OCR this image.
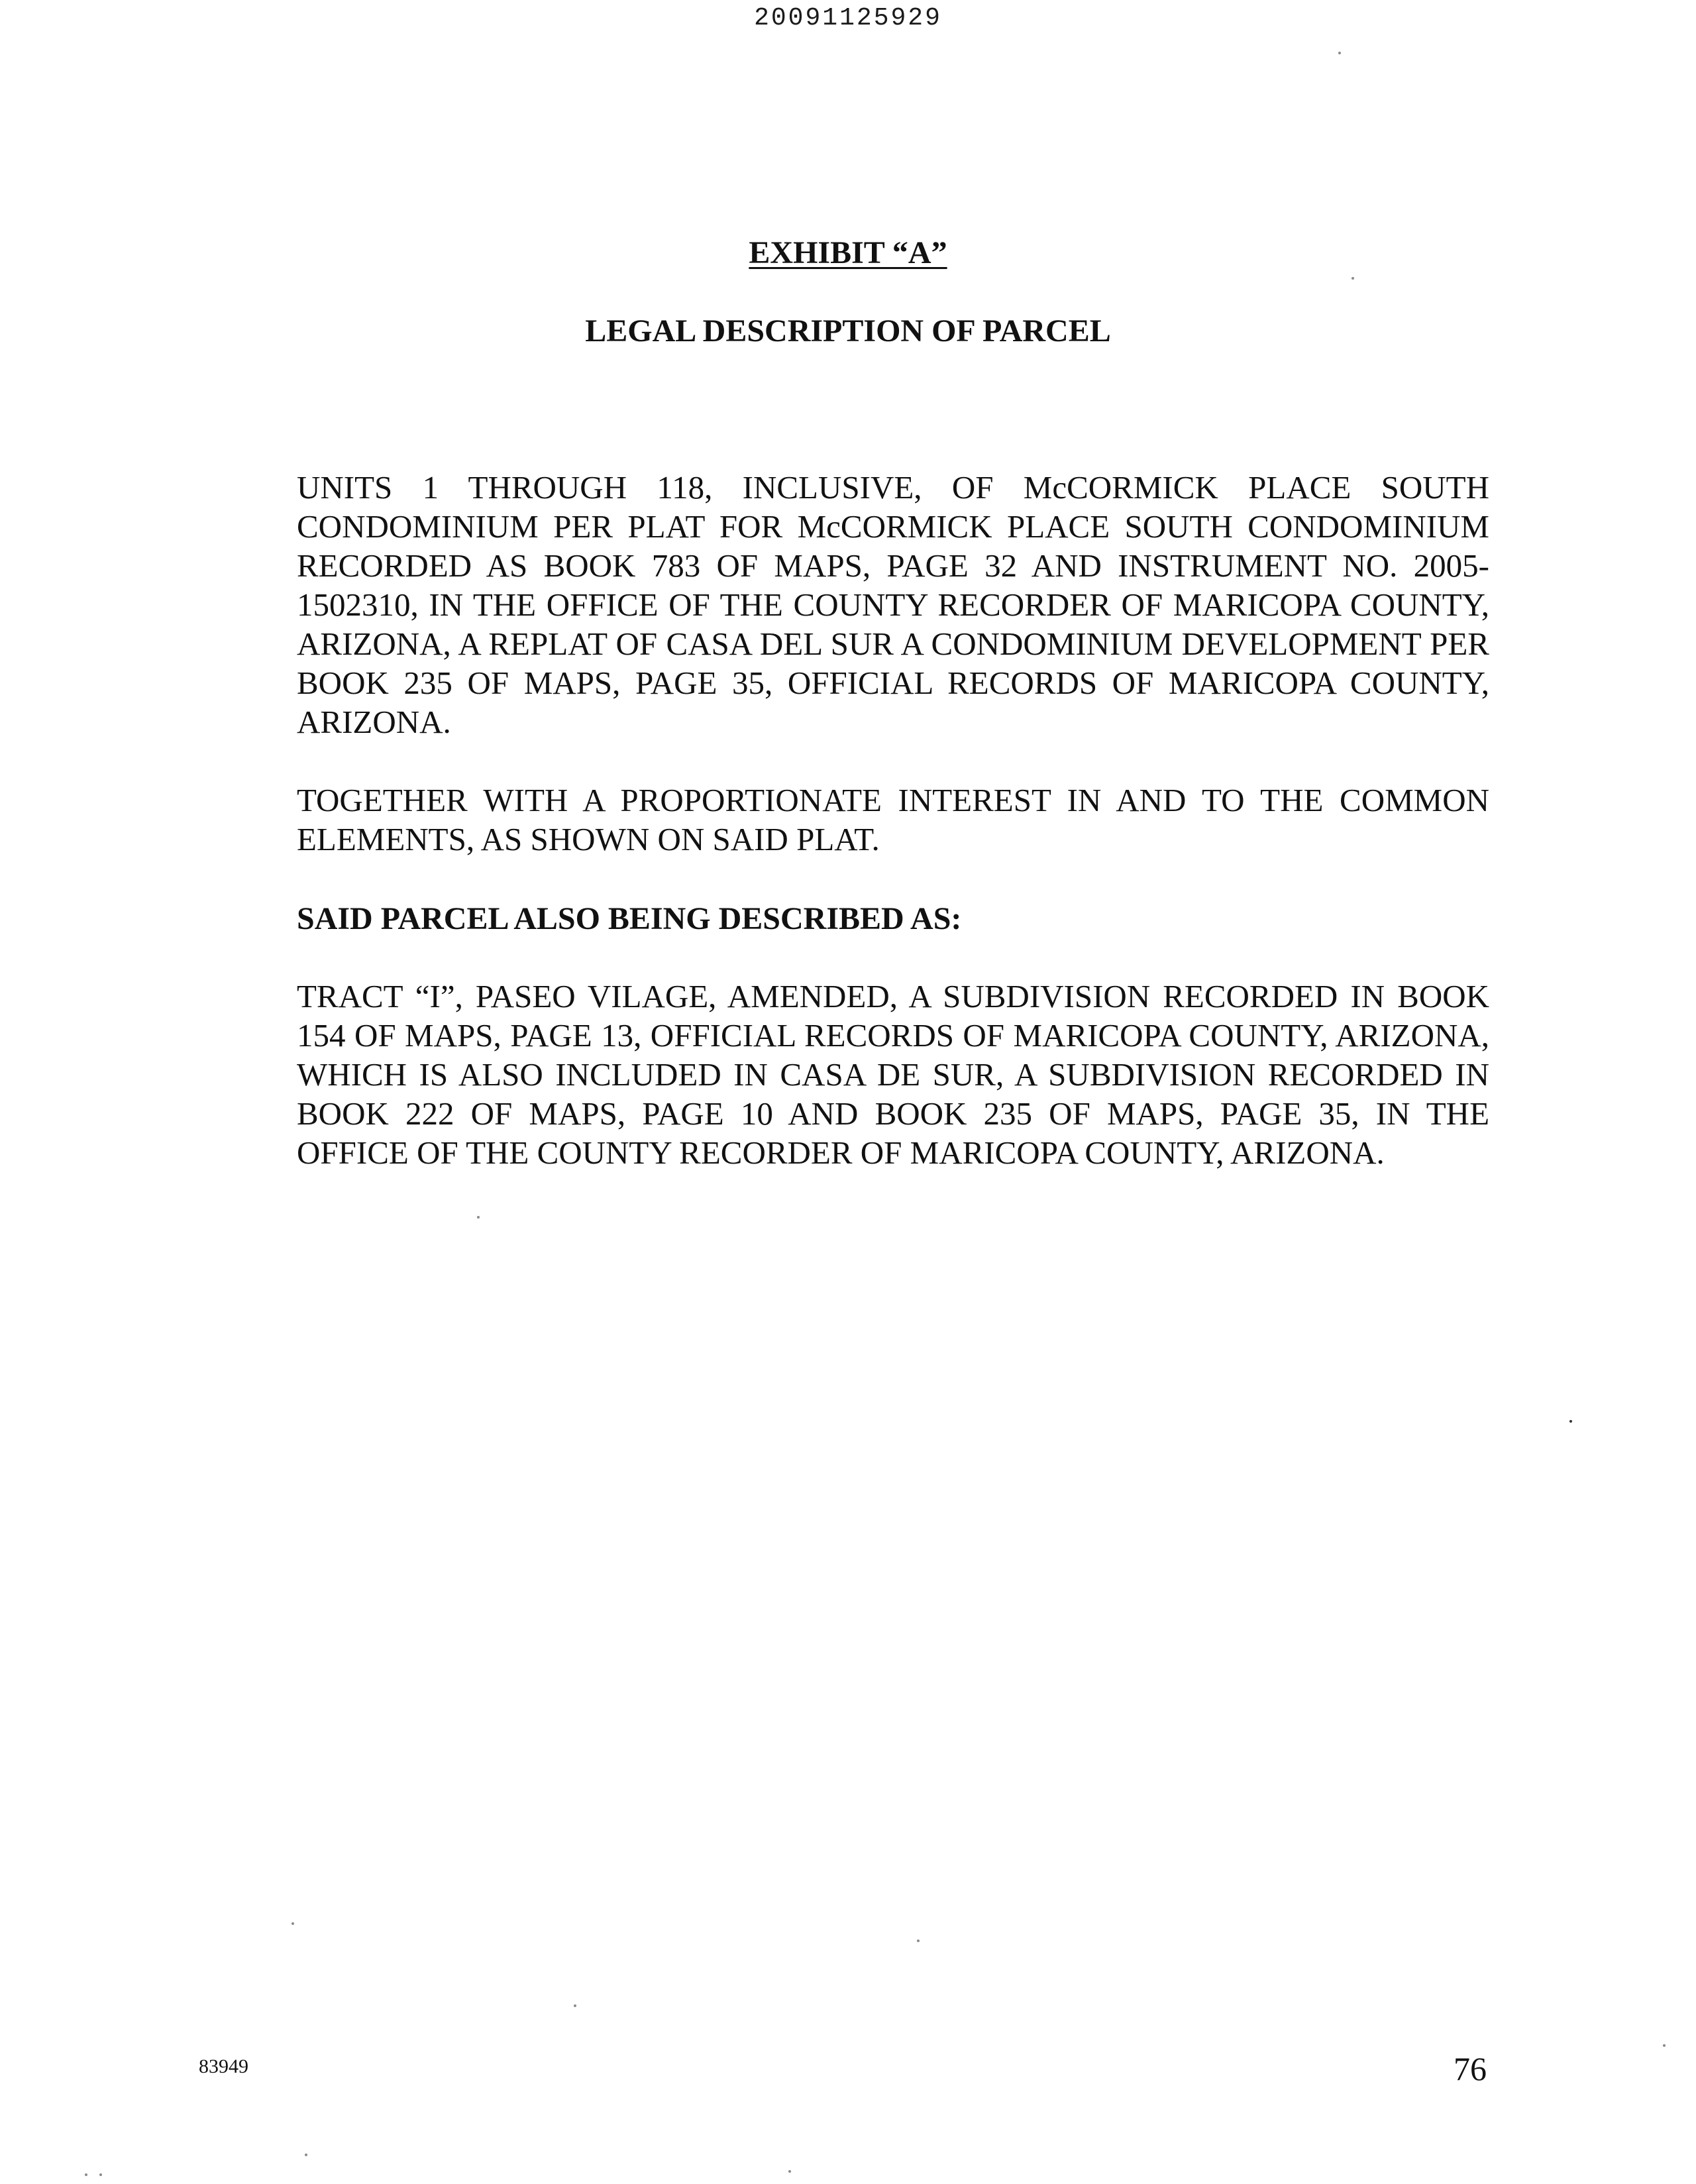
20091125929
EXHIBIT “A”
LEGAL DESCRIPTION OF PARCEL

UNITS 1 THROUGH 118, INCLUSIVE, OF McCORMICK PLACE SOUTH CONDOMINIUM PER PLAT FOR McCORMICK PLACE SOUTH CONDOMINIUM RECORDED AS BOOK 783 OF MAPS, PAGE 32 AND INSTRUMENT NO. 2005-1502310, IN THE OFFICE OF THE COUNTY RECORDER OF MARICOPA COUNTY, ARIZONA, A REPLAT OF CASA DEL SUR A CONDOMINIUM DEVELOPMENT PER BOOK 235 OF MAPS, PAGE 35, OFFICIAL RECORDS OF MARICOPA COUNTY, ARIZONA.

TOGETHER WITH A PROPORTIONATE INTEREST IN AND TO THE COMMON ELEMENTS, AS SHOWN ON SAID PLAT.

SAID PARCEL ALSO BEING DESCRIBED AS:

TRACT “I”, PASEO VILAGE, AMENDED, A SUBDIVISION RECORDED IN BOOK 154 OF MAPS, PAGE 13, OFFICIAL RECORDS OF MARICOPA COUNTY, ARIZONA, WHICH IS ALSO INCLUDED IN CASA DE SUR, A SUBDIVISION RECORDED IN BOOK 222 OF MAPS, PAGE 10 AND BOOK 235 OF MAPS, PAGE 35, IN THE OFFICE OF THE COUNTY RECORDER OF MARICOPA COUNTY, ARIZONA.

83949	76
